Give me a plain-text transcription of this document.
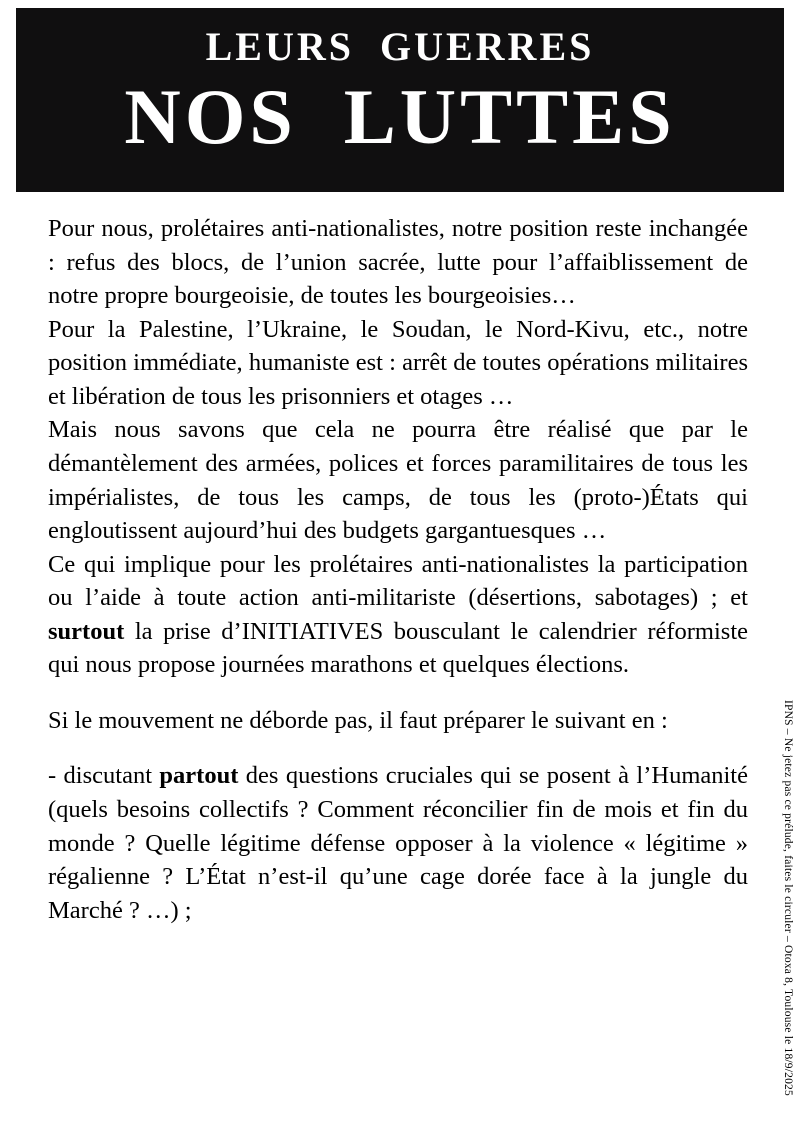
LEURS  GUERRES
NOS  LUTTES

Pour nous, prolétaires anti-nationalistes, notre position reste inchangée : refus des blocs, de l’union sacrée, lutte pour l’affaiblissement de notre propre bourgeoisie, de toutes les bourgeoisies…

Pour la Palestine, l’Ukraine, le Soudan, le Nord-Kivu, etc., notre position immédiate, humaniste est : arrêt de toutes opérations militaires et libération de tous les prisonniers et otages …

Mais nous savons que cela ne pourra être réalisé que par le démantèlement des armées, polices et forces paramilitaires de tous les impérialistes, de tous les camps, de tous les (proto-)États qui engloutissent aujourd’hui des budgets gargantuesques …

Ce qui implique pour les prolétaires anti-nationalistes la participation ou l’aide à toute action anti-militariste (désertions, sabotages) ; et surtout la prise d’INITIATIVES bousculant le calendrier réformiste qui nous propose journées marathons et quelques élections.

Si le mouvement ne déborde pas, il faut préparer le suivant en :

- discutant partout des questions cruciales qui se posent à l’Humanité (quels besoins collectifs ? Comment réconcilier fin de mois et fin du monde ? Quelle légitime défense opposer à la violence « légitime » régalienne ? L’État n’est-il qu’une cage dorée face à la jungle du Marché ? …) ;	IPNS – Ne jetez pas ce prélude, faites le circuler – Otoxa 8, Toulouse le 18/9/2025
